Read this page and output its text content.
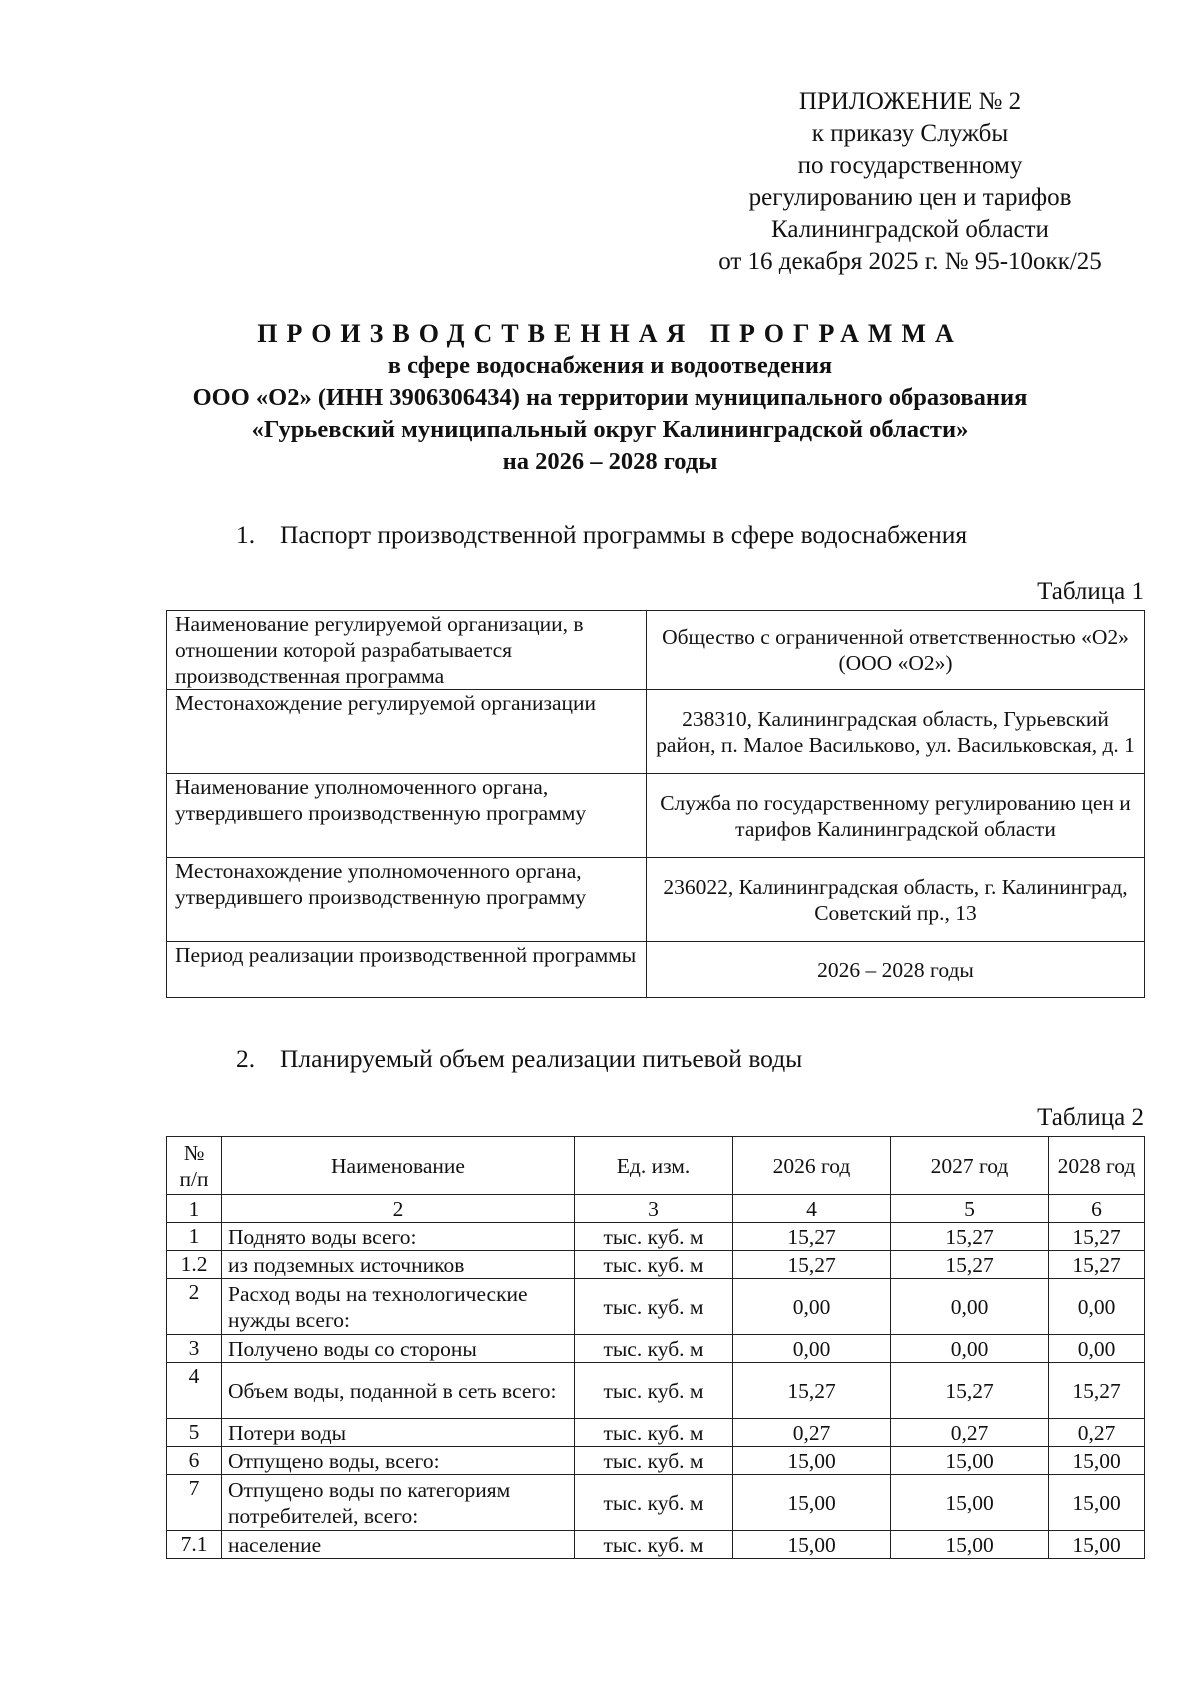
ПРИЛОЖЕНИЕ № 2
к приказу Службы
по государственному
регулированию цен и тарифов
Калининградской области
от 16 декабря 2025 г. № 95-10окк/25
ПРОИЗВОДСТВЕННАЯ ПРОГРАММА
в сфере водоснабжения и водоотведения
ООО «О2» (ИНН 3906306434) на территории муниципального образования
«Гурьевский муниципальный округ Калининградской области»
на 2026 – 2028 годы
1. Паспорт производственной программы в сфере водоснабжения
Таблица 1
Наименование регулируемой организации, в отношении которой разрабатывается производственная программа	Общество с ограниченной ответственностью «О2» (ООО «О2»)
Местонахождение регулируемой организации	238310, Калининградская область, Гурьевский район, п. Малое Васильково, ул. Васильковская, д. 1
Наименование уполномоченного органа, утвердившего производственную программу	Служба по государственному регулированию цен и тарифов Калининградской области
Местонахождение уполномоченного органа, утвердившего производственную программу	236022, Калининградская область, г. Калининград, Советский пр., 13
Период реализации производственной программы	2026 – 2028 годы
2. Планируемый объем реализации питьевой воды
Таблица 2
№ п/п	Наименование	Ед. изм.	2026 год	2027 год	2028 год
1	2	3	4	5	6
1	Поднято воды всего:	тыс. куб. м	15,27	15,27	15,27
1.2	из подземных источников	тыс. куб. м	15,27	15,27	15,27
2	Расход воды на технологические нужды всего:	тыс. куб. м	0,00	0,00	0,00
3	Получено воды со стороны	тыс. куб. м	0,00	0,00	0,00
4	Объем воды, поданной в сеть всего:	тыс. куб. м	15,27	15,27	15,27
5	Потери воды	тыс. куб. м	0,27	0,27	0,27
6	Отпущено воды, всего:	тыс. куб. м	15,00	15,00	15,00
7	Отпущено воды по категориям потребителей, всего:	тыс. куб. м	15,00	15,00	15,00
7.1	население	тыс. куб. м	15,00	15,00	15,00
